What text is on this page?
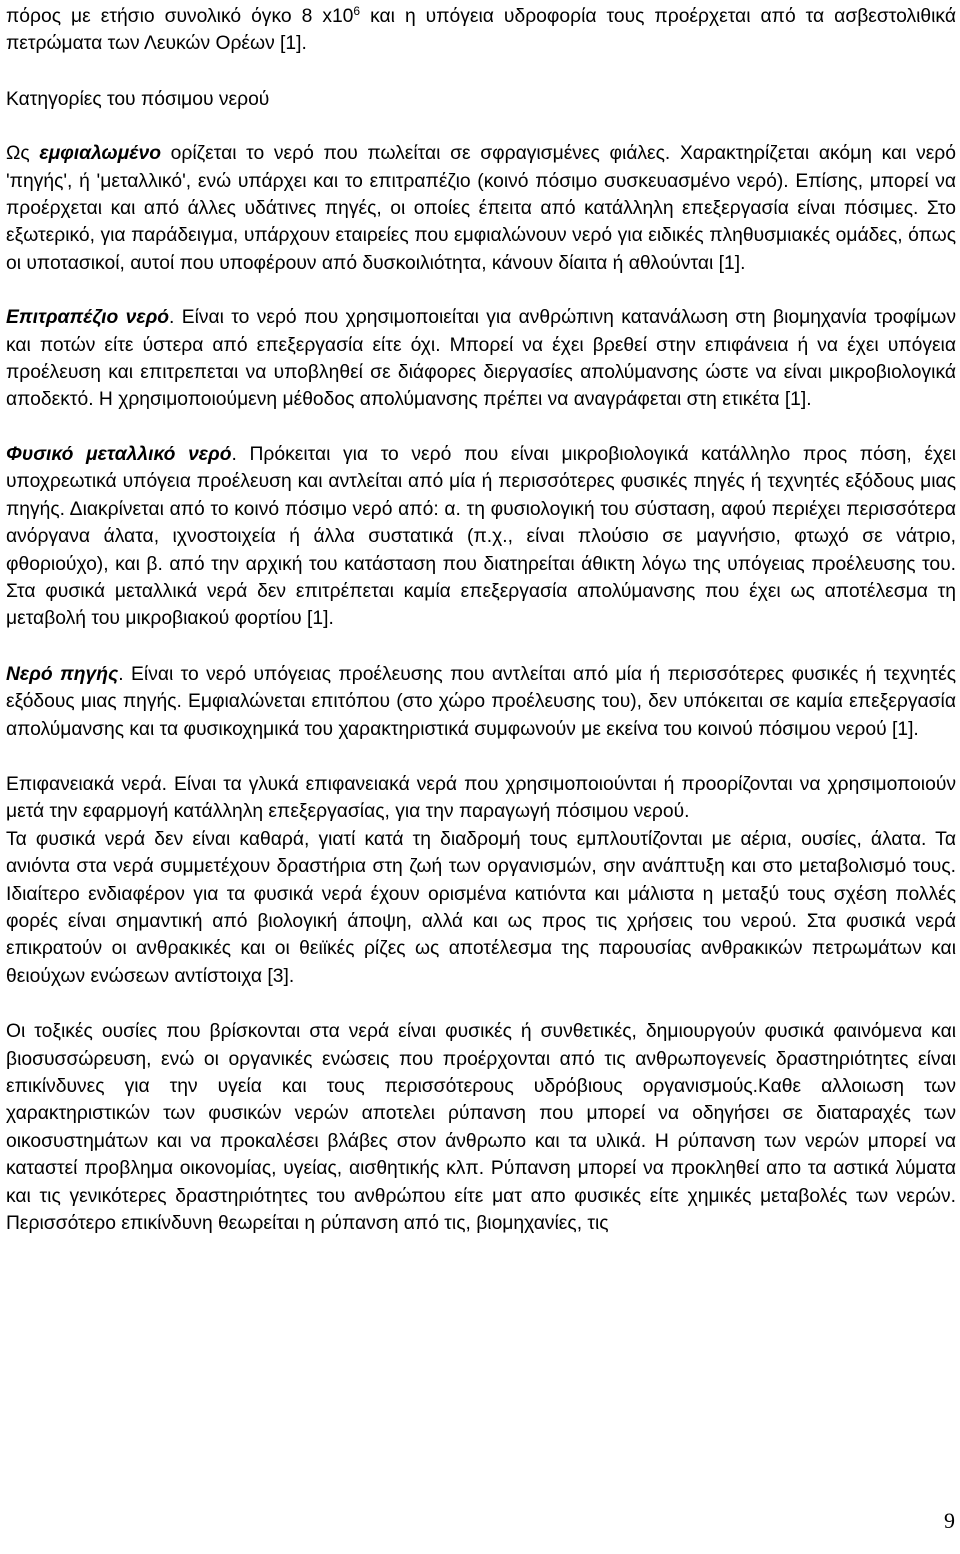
πόρος με ετήσιο συνολικό όγκο 8 $x10^6$ και η υπόγεια υδροφορία τους προέρχεται από τα ασβεστολιθικά πετρώματα των Λευκών Ορέων [1].

Κατηγορίες του πόσιμου νερού

Ως εμφιαλωμένο ορίζεται το νερό που πωλείται σε σφραγισμένες φιάλες. Χαρακτηρίζεται ακόμη και νερό 'πηγής', ή 'μεταλλικό', ενώ υπάρχει και το επιτραπέζιο (κοινό πόσιμο συσκευασμένο νερό). Επίσης, μπορεί να προέρχεται και από άλλες υδάτινες πηγές, οι οποίες έπειτα από κατάλληλη επεξεργασία είναι πόσιμες. Στο εξωτερικό, για παράδειγμα, υπάρχουν εταιρείες που εμφιαλώνουν νερό για ειδικές πληθυσμιακές ομάδες, όπως οι υποτασικοί, αυτοί που υποφέρουν από δυσκοιλιότητα, κάνουν δίαιτα ή αθλούνται [1].

Επιτραπέζιο νερό. Είναι το νερό που χρησιμοποιείται για ανθρώπινη κατανάλωση στη βιομηχανία τροφίμων και ποτών είτε ύστερα από επεξεργασία είτε όχι. Μπορεί να έχει βρεθεί στην επιφάνεια ή να έχει υπόγεια προέλευση και επιτρεπεται να υποβληθεί σε διάφορες διεργασίες απολύμανσης ώστε να είναι μικροβιολογικά αποδεκτό. Η χρησιμοποιούμενη μέθοδος απολύμανσης πρέπει να αναγράφεται στη ετικέτα [1].

Φυσικό μεταλλικό νερό. Πρόκειται για το νερό που είναι μικροβιολογικά κατάλληλο προς πόση, έχει υποχρεωτικά υπόγεια προέλευση και αντλείται από μία ή περισσότερες φυσικές πηγές ή τεχνητές εξόδους μιας πηγής. Διακρίνεται από το κοινό πόσιμο νερό από: α. τη φυσιολογική του σύσταση, αφού περιέχει περισσότερα ανόργανα άλατα, ιχνοστοιχεία ή άλλα συστατικά (π.χ., είναι πλούσιο σε μαγνήσιο, φτωχό σε νάτριο, φθοριούχο), και β. από την αρχική του κατάσταση που διατηρείται άθικτη λόγω της υπόγειας προέλευσης του. Στα φυσικά μεταλλικά νερά δεν επιτρέπεται καμία επεξεργασία απολύμανσης που έχει ως αποτέλεσμα τη μεταβολή του μικροβιακού φορτίου [1].

Νερό πηγής. Είναι το νερό υπόγειας προέλευσης που αντλείται από μία ή περισσότερες φυσικές ή τεχνητές εξόδους μιας πηγής. Εμφιαλώνεται επιτόπου (στο χώρο προέλευσης του), δεν υπόκειται σε καμία επεξεργασία απολύμανσης και τα φυσικοχημικά του χαρακτηριστικά συμφωνούν με εκείνα του κοινού πόσιμου νερού [1].

Επιφανειακά νερά. Είναι τα γλυκά επιφανειακά νερά που χρησιμοποιούνται ή προορίζονται να χρησιμοποιούν μετά την εφαρμογή κατάλληλη επεξεργασίας, για την παραγωγή πόσιμου νερού.

Τα φυσικά νερά δεν είναι καθαρά, γιατί κατά τη διαδρομή τους εμπλουτίζονται με αέρια, ουσίες, άλατα. Τα ανιόντα στα νερά συμμετέχουν δραστήρια στη ζωή των οργανισμών, σην ανάπτυξη και στο μεταβολισμό τους. Ιδιαίτερο ενδιαφέρον για τα φυσικά νερά έχουν ορισμένα κατιόντα και μάλιστα η μεταξύ τους σχέση πολλές φορές είναι σημαντική από βιολογική άποψη, αλλά και ως προς τις χρήσεις του νερού. Στα φυσικά νερά επικρατούν οι ανθρακικές και οι θειϊκές ρίζες ως αποτέλεσμα της παρουσίας ανθρακικών πετρωμάτων και θειούχων ενώσεων αντίστοιχα [3].

Οι τοξικές ουσίες που βρίσκονται στα νερά είναι φυσικές ή συνθετικές, δημιουργούν φυσικά φαινόμενα και βιοσυσσώρευση, ενώ οι οργανικές ενώσεις που προέρχονται από τις ανθρωπογενείς δραστηριότητες είναι επικίνδυνες για την υγεία και τους περισσότερους υδρόβιους οργανισμούς.Καθε αλλοιωση των χαρακτηριστικών των φυσικών νερών αποτελει ρύπανση που μπορεί να οδηγήσει σε διαταραχές των οικοσυστημάτων και να προκαλέσει βλάβες στον άνθρωπο και τα υλικά. Η ρύπανση των νερών μπορεί να καταστεί προβλημα οικονομίας, υγείας, αισθητικής κλπ. Ρύπανση μπορεί να προκληθεί απο τα αστικά λύματα και τις γενικότερες δραστηριότητες του ανθρώπου είτε ματ απο φυσικές είτε χημικές μεταβολές των νερών. Περισσότερο επικίνδυνη θεωρείται η ρύπανση από τις, βιομηχανίες, τις

9
